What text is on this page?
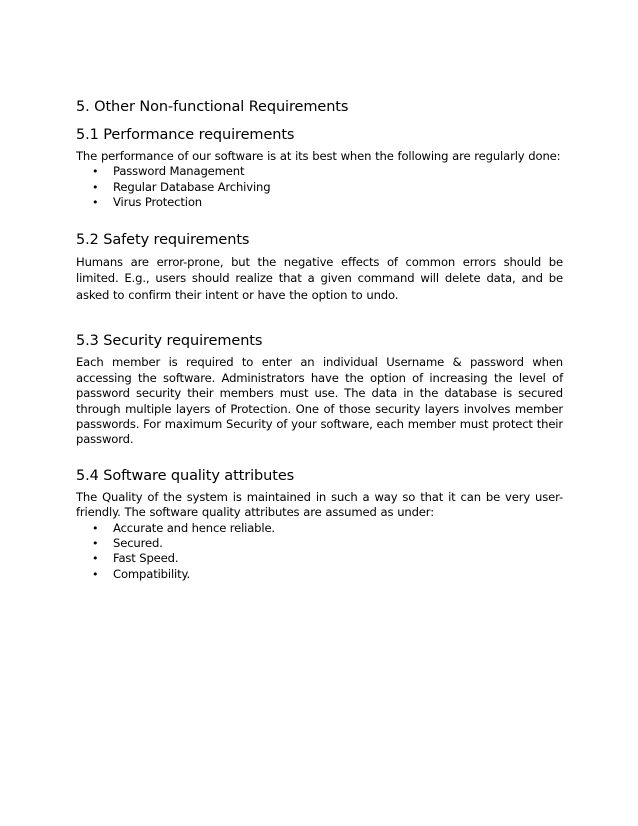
5. Other Non-functional Requirements
5.1 Performance requirements

The performance of our software is at its best when the following are regularly done:

• Password Management
• Regular Database Archiving
• Virus Protection
5.2 Safety requirements

Humans are error-prone, but the negative effects of common errors should be limited. E.g., users should realize that a given command will delete data, and be asked to confirm their intent or have the option to undo.

5.3 Security requirements

Each member is required to enter an individual Username & password when accessing the software. Administrators have the option of increasing the level of password security their members must use. The data in the database is secured through multiple layers of Protection. One of those security layers involves member passwords. For maximum Security of your software, each member must protect their password.

5.4 Software quality attributes

The Quality of the system is maintained in such a way so that it can be very user-friendly. The software quality attributes are assumed as under:

• Accurate and hence reliable.
• Secured.
• Fast Speed.
• Compatibility.
